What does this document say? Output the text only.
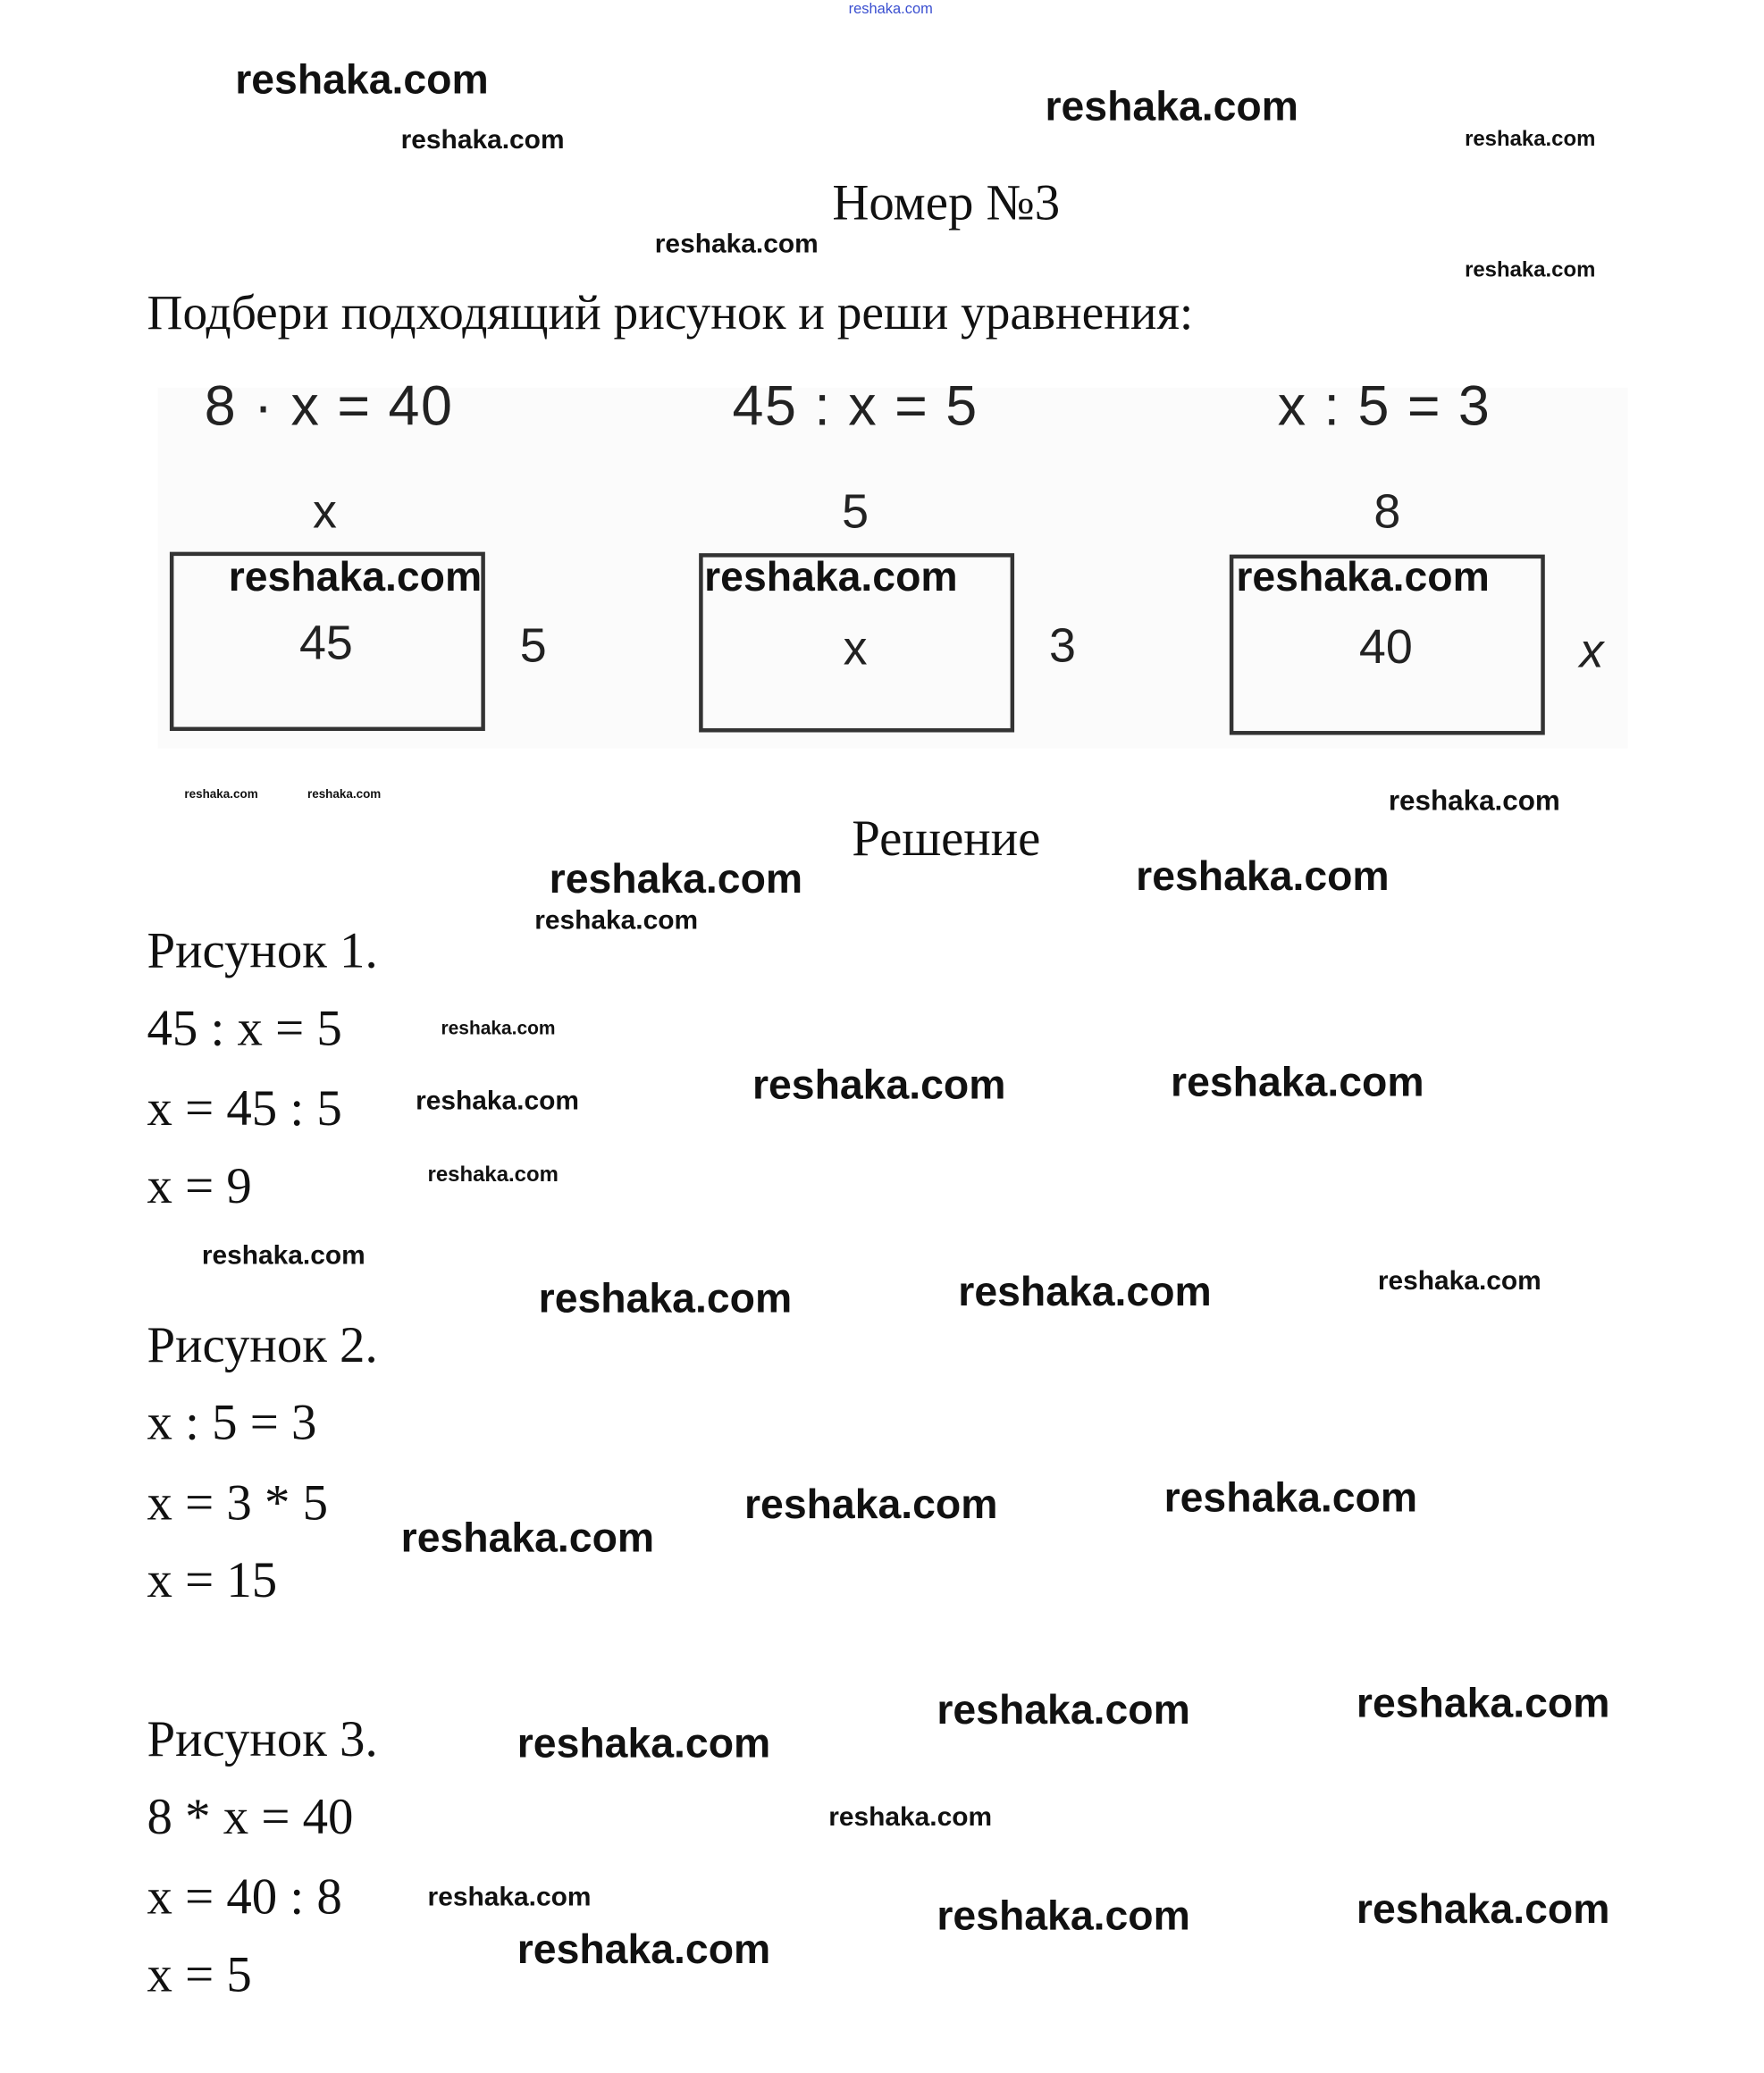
Номер №3
Подбери подходящий рисунок и реши уравнения:
8 · x = 40	45 : x = 5	x : 5 = 3
x
45	5
5
x	3
8
40	x
Решение
Рисунок 1.
45 : x = 5
x = 45 : 5
x = 9
Рисунок 2.
x : 5 = 3
x = 3 * 5
x = 15
Рисунок 3.
8 * x = 40
x = 40 : 8
x = 5
reshaka.com
reshaka.com
reshaka.com
reshaka.com
reshaka.com
reshaka.com	reshaka.com
reshaka.com	reshaka.com	reshaka.com
reshaka.com	reshaka.com	reshaka.com
reshaka.com	reshaka.com
reshaka.com
reshaka.com
reshaka.com	reshaka.com	reshaka.com
reshaka.com
reshaka.com	reshaka.com	reshaka.com
reshaka.com
reshaka.com	reshaka.com
reshaka.com
reshaka.com
reshaka.com	reshaka.com
reshaka.com
reshaka.com
reshaka.com
reshaka.com	reshaka.com
